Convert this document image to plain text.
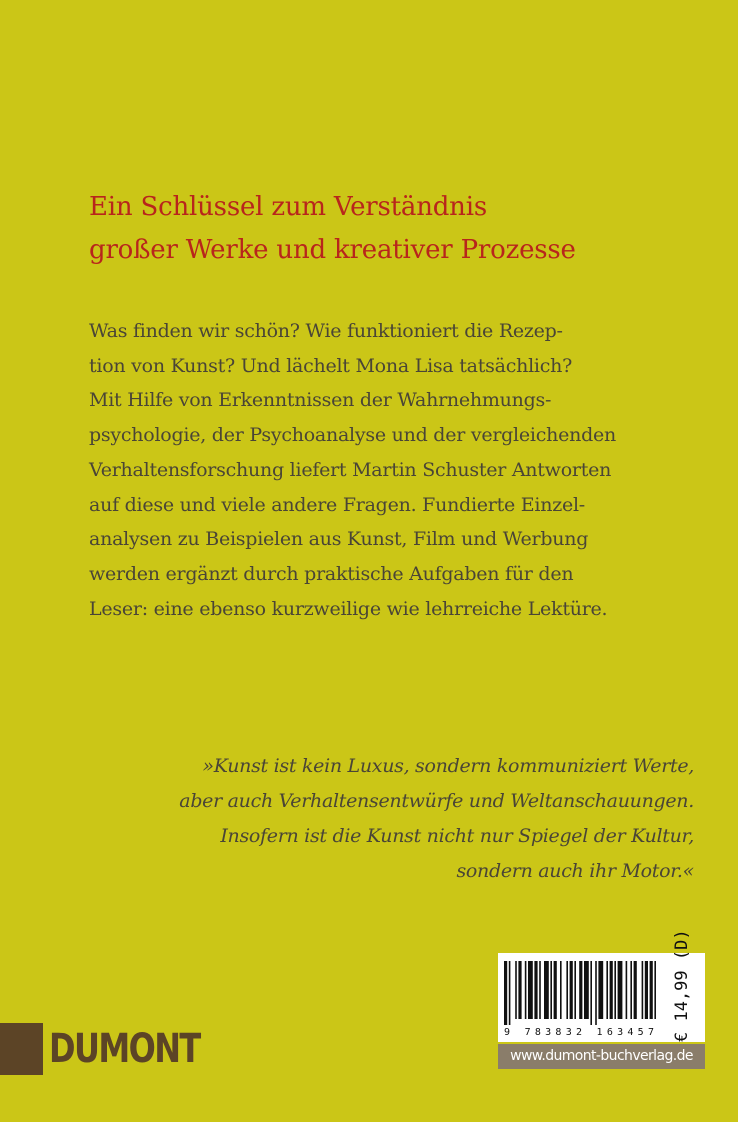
Ein Schlüssel zum Verständnis
großer Werke und kreativer Prozesse
Was finden wir schön? Wie funktioniert die Rezep-
tion von Kunst? Und lächelt Mona Lisa tatsächlich?
Mit Hilfe von Erkenntnissen der Wahrnehmungs-
psychologie, der Psychoanalyse und der vergleichenden
Verhaltensforschung liefert Martin Schuster Antworten
auf diese und viele andere Fragen. Fundierte Einzel-
analysen zu Beispielen aus Kunst, Film und Werbung
werden ergänzt durch praktische Aufgaben für den
Leser: eine ebenso kurzweilige wie lehrreiche Lektüre.
»Kunst ist kein Luxus, sondern kommuniziert Werte,
aber auch Verhaltensentwürfe und Weltanschauungen.
Insofern ist die Kunst nicht nur Spiegel der Kultur,
sondern auch ihr Motor.«
DUMONT	9 783832 163457	€ 14,99 (D)
www.dumont-buchverlag.de
